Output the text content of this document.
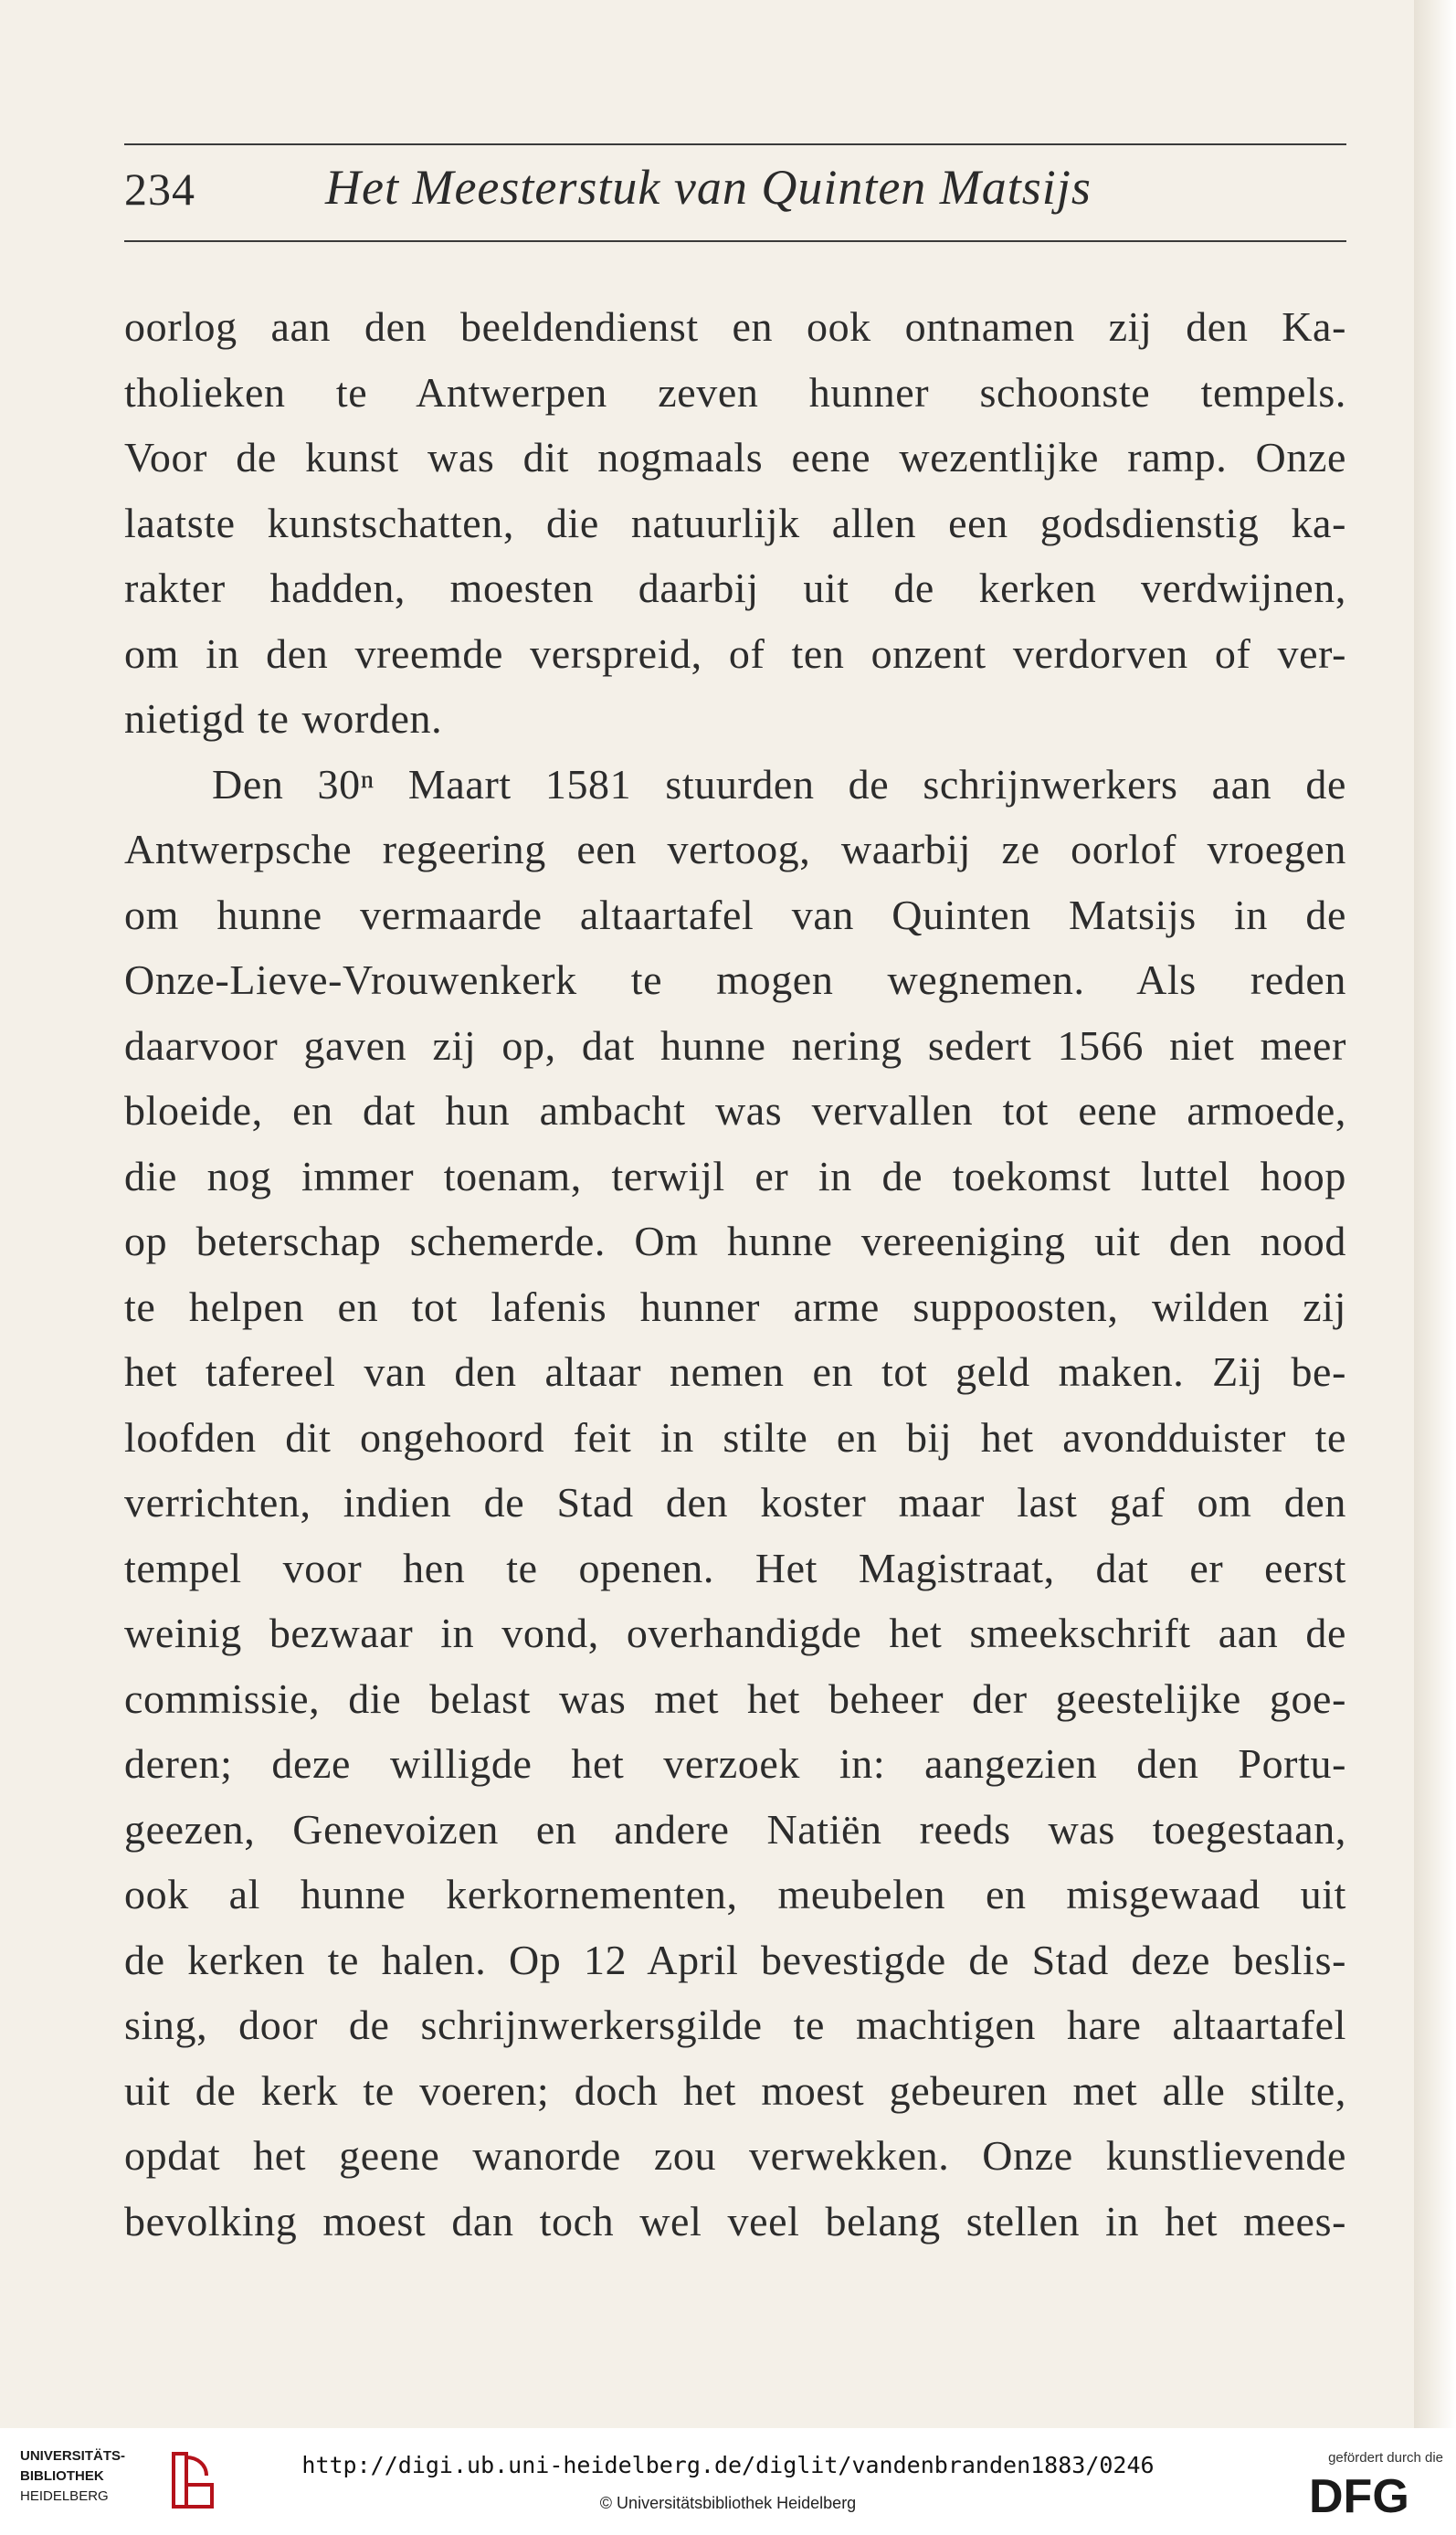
234	Het Meesterstuk van Quinten Matsijs
oorlog aan den beeldendienst en ook ontnamen zij den Ka-
tholieken te Antwerpen zeven hunner schoonste tempels.
Voor de kunst was dit nogmaals eene wezentlijke ramp. Onze
laatste kunstschatten, die natuurlijk allen een godsdienstig ka-
rakter hadden, moesten daarbij uit de kerken verdwijnen,
om in den vreemde verspreid, of ten onzent verdorven of ver-
nietigd te worden.
Den 30ⁿ Maart 1581 stuurden de schrijnwerkers aan de
Antwerpsche regeering een vertoog, waarbij ze oorlof vroegen
om hunne vermaarde altaartafel van Quinten Matsijs in de
Onze-Lieve-Vrouwenkerk te mogen wegnemen. Als reden
daarvoor gaven zij op, dat hunne nering sedert 1566 niet meer
bloeide, en dat hun ambacht was vervallen tot eene armoede,
die nog immer toenam, terwijl er in de toekomst luttel hoop
op beterschap schemerde. Om hunne vereeniging uit den nood
te helpen en tot lafenis hunner arme suppoosten, wilden zij
het tafereel van den altaar nemen en tot geld maken. Zij be-
loofden dit ongehoord feit in stilte en bij het avondduister te
verrichten, indien de Stad den koster maar last gaf om den
tempel voor hen te openen. Het Magistraat, dat er eerst
weinig bezwaar in vond, overhandigde het smeekschrift aan de
commissie, die belast was met het beheer der geestelijke goe-
deren; deze willigde het verzoek in: aangezien den Portu-
geezen, Genevoizen en andere Natiën reeds was toegestaan,
ook al hunne kerkornementen, meubelen en misgewaad uit
de kerken te halen. Op 12 April bevestigde de Stad deze beslis-
sing, door de schrijnwerkersgilde te machtigen hare altaartafel
uit de kerk te voeren; doch het moest gebeuren met alle stilte,
opdat het geene wanorde zou verwekken. Onze kunstlievende
bevolking moest dan toch wel veel belang stellen in het mees-
UNIVERSITÄTS-
BIBLIOTHEK
HEIDELBERG
http://digi.ub.uni-heidelberg.de/diglit/vandenbranden1883/0246
© Universitätsbibliothek Heidelberg
gefördert durch die
DFG
